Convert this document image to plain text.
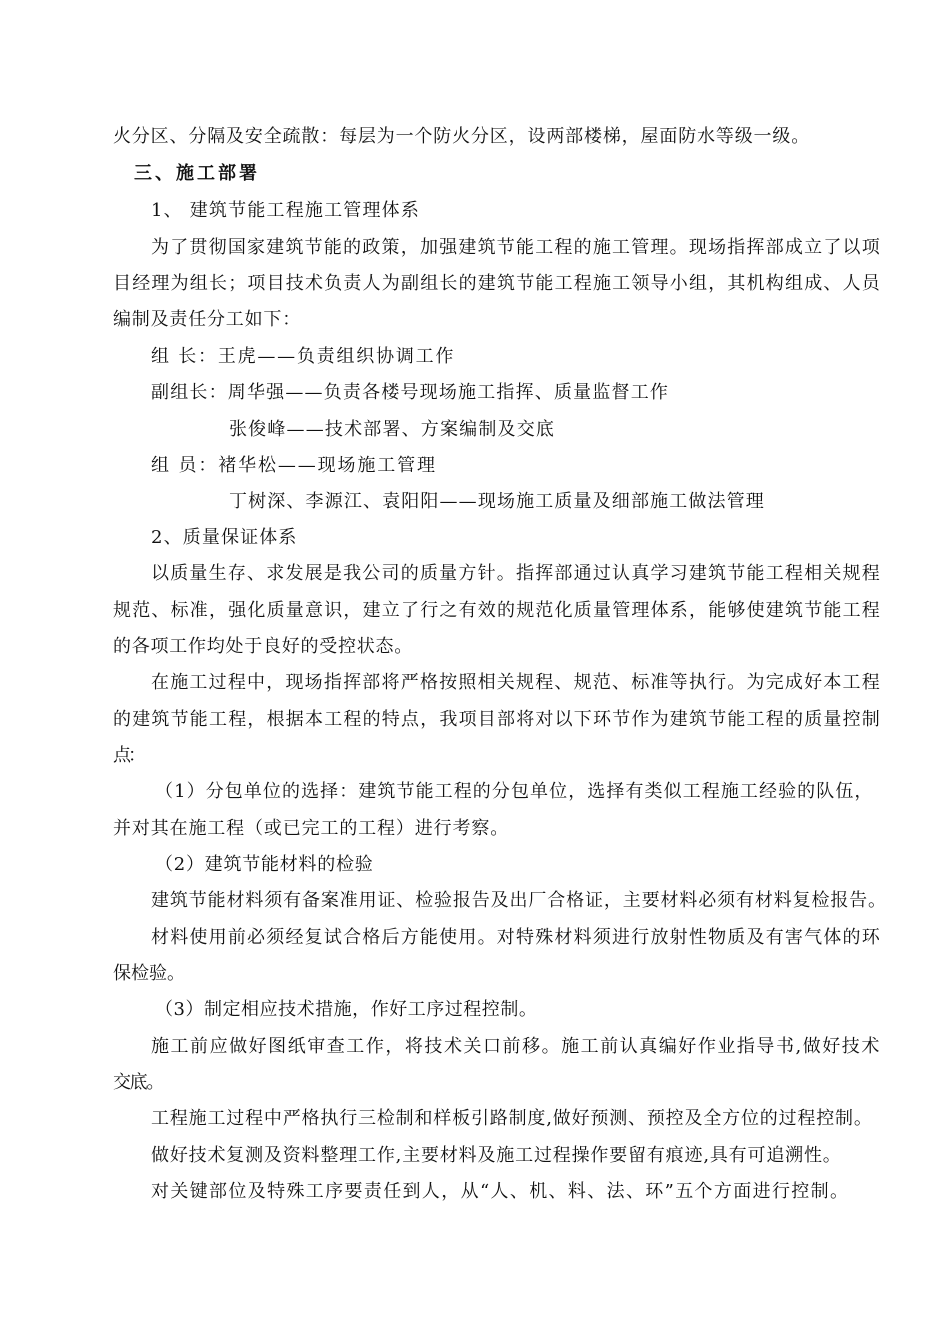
火分区、分隔及安全疏散：每层为一个防火分区，设两部楼梯，屋面防水等级一级。
三、施工部署
1、 建筑节能工程施工管理体系
为了贯彻国家建筑节能的政策，加强建筑节能工程的施工管理。现场指挥部成立了以项
目经理为组长；项目技术负责人为副组长的建筑节能工程施工领导小组，其机构组成、人员
编制及责任分工如下：
组 长：王虎——负责组织协调工作
副组长：周华强——负责各楼号现场施工指挥、质量监督工作
张俊峰——技术部署、方案编制及交底
组 员：褚华松——现场施工管理
丁树深、李源江、袁阳阳——现场施工质量及细部施工做法管理
2、质量保证体系
以质量生存、求发展是我公司的质量方针。指挥部通过认真学习建筑节能工程相关规程
规范、标准，强化质量意识，建立了行之有效的规范化质量管理体系，能够使建筑节能工程
的各项工作均处于良好的受控状态。
在施工过程中，现场指挥部将严格按照相关规程、规范、标准等执行。为完成好本工程
的建筑节能工程，根据本工程的特点，我项目部将对以下环节作为建筑节能工程的质量控制
点：
（1）分包单位的选择：建筑节能工程的分包单位，选择有类似工程施工经验的队伍，
并对其在施工程（或已完工的工程）进行考察。
（2）建筑节能材料的检验
建筑节能材料须有备案准用证、检验报告及出厂合格证，主要材料必须有材料复检报告。
材料使用前必须经复试合格后方能使用。对特殊材料须进行放射性物质及有害气体的环
保检验。
（3）制定相应技术措施，作好工序过程控制。
施工前应做好图纸审查工作，将技术关口前移。施工前认真编好作业指导书,做好技术
交底。
工程施工过程中严格执行三检制和样板引路制度,做好预测、预控及全方位的过程控制。
做好技术复测及资料整理工作,主要材料及施工过程操作要留有痕迹,具有可追溯性。
对关键部位及特殊工序要责任到人，从“人、机、料、法、环”五个方面进行控制。
